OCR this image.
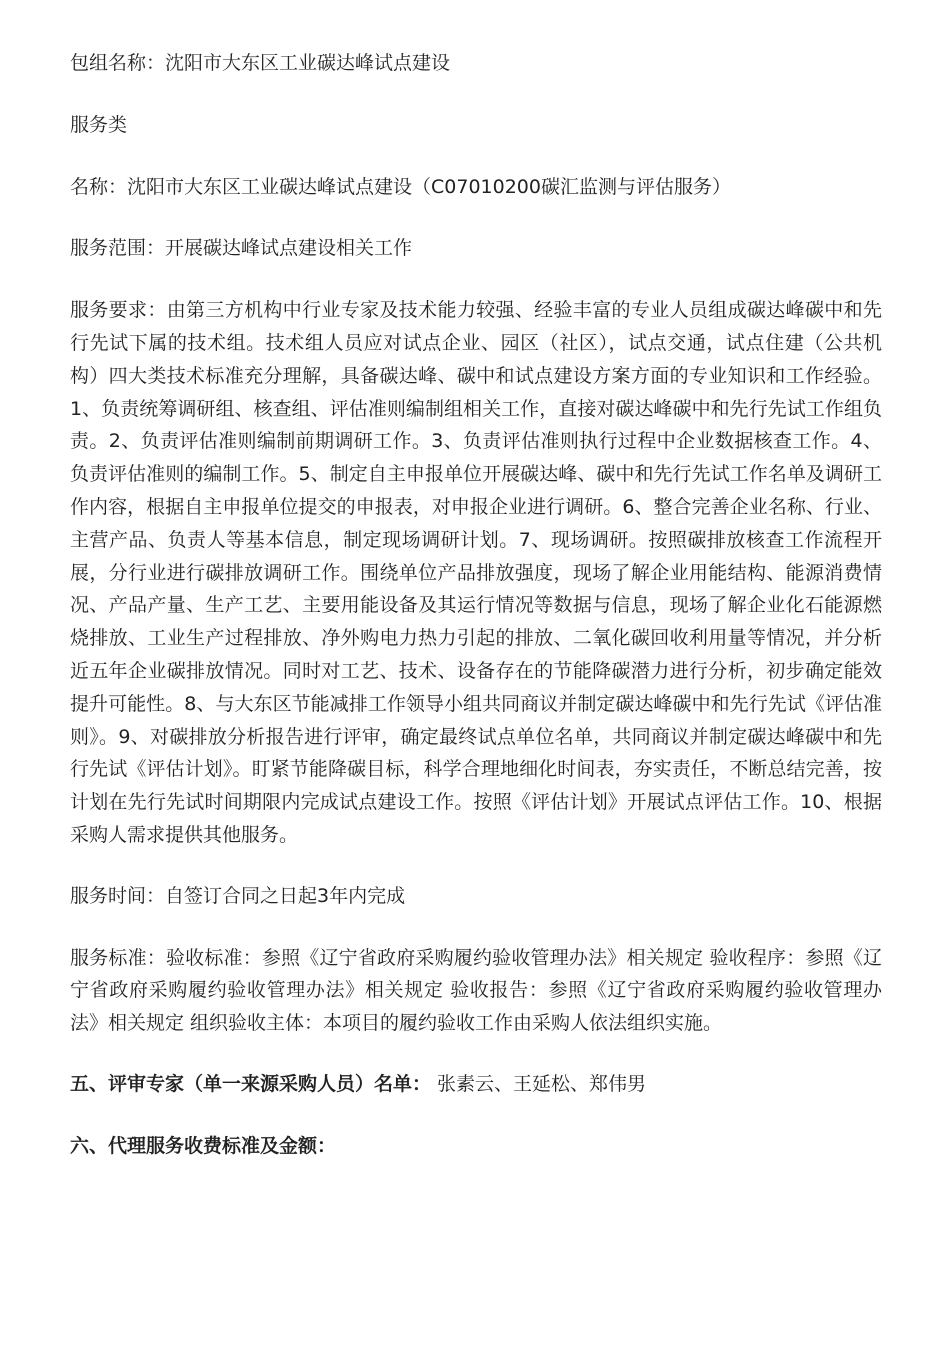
包组名称：沈阳市大东区工业碳达峰试点建设

服务类

名称：沈阳市大东区工业碳达峰试点建设（C07010200碳汇监测与评估服务）

服务范围：开展碳达峰试点建设相关工作

服务要求：由第三方机构中行业专家及技术能力较强、经验丰富的专业人员组成碳达峰碳中和先行先试下属的技术组。技术组人员应对试点企业、园区（社区），试点交通，试点住建（公共机构）四大类技术标准充分理解，具备碳达峰、碳中和试点建设方案方面的专业知识和工作经验。1、负责统筹调研组、核查组、评估准则编制组相关工作，直接对碳达峰碳中和先行先试工作组负责。2、负责评估准则编制前期调研工作。3、负责评估准则执行过程中企业数据核查工作。4、负责评估准则的编制工作。5、制定自主申报单位开展碳达峰、碳中和先行先试工作名单及调研工作内容，根据自主申报单位提交的申报表，对申报企业进行调研。6、整合完善企业名称、行业、主营产品、负责人等基本信息，制定现场调研计划。7、现场调研。按照碳排放核查工作流程开展，分行业进行碳排放调研工作。围绕单位产品排放强度，现场了解企业用能结构、能源消费情况、产品产量、生产工艺、主要用能设备及其运行情况等数据与信息，现场了解企业化石能源燃烧排放、工业生产过程排放、净外购电力热力引起的排放、二氧化碳回收利用量等情况，并分析近五年企业碳排放情况。同时对工艺、技术、设备存在的节能降碳潜力进行分析，初步确定能效提升可能性。8、与大东区节能减排工作领导小组共同商议并制定碳达峰碳中和先行先试《评估准则》。9、对碳排放分析报告进行评审，确定最终试点单位名单，共同商议并制定碳达峰碳中和先行先试《评估计划》。盯紧节能降碳目标，科学合理地细化时间表，夯实责任，不断总结完善，按计划在先行先试时间期限内完成试点建设工作。按照《评估计划》开展试点评估工作。10、根据采购人需求提供其他服务。

服务时间：自签订合同之日起3年内完成

服务标准：验收标准：参照《辽宁省政府采购履约验收管理办法》相关规定 验收程序：参照《辽宁省政府采购履约验收管理办法》相关规定 验收报告：参照《辽宁省政府采购履约验收管理办法》相关规定 组织验收主体：本项目的履约验收工作由采购人依法组织实施。

五、评审专家（单一来源采购人员）名单： 张素云、王延松、郑伟男

六、代理服务收费标准及金额：
